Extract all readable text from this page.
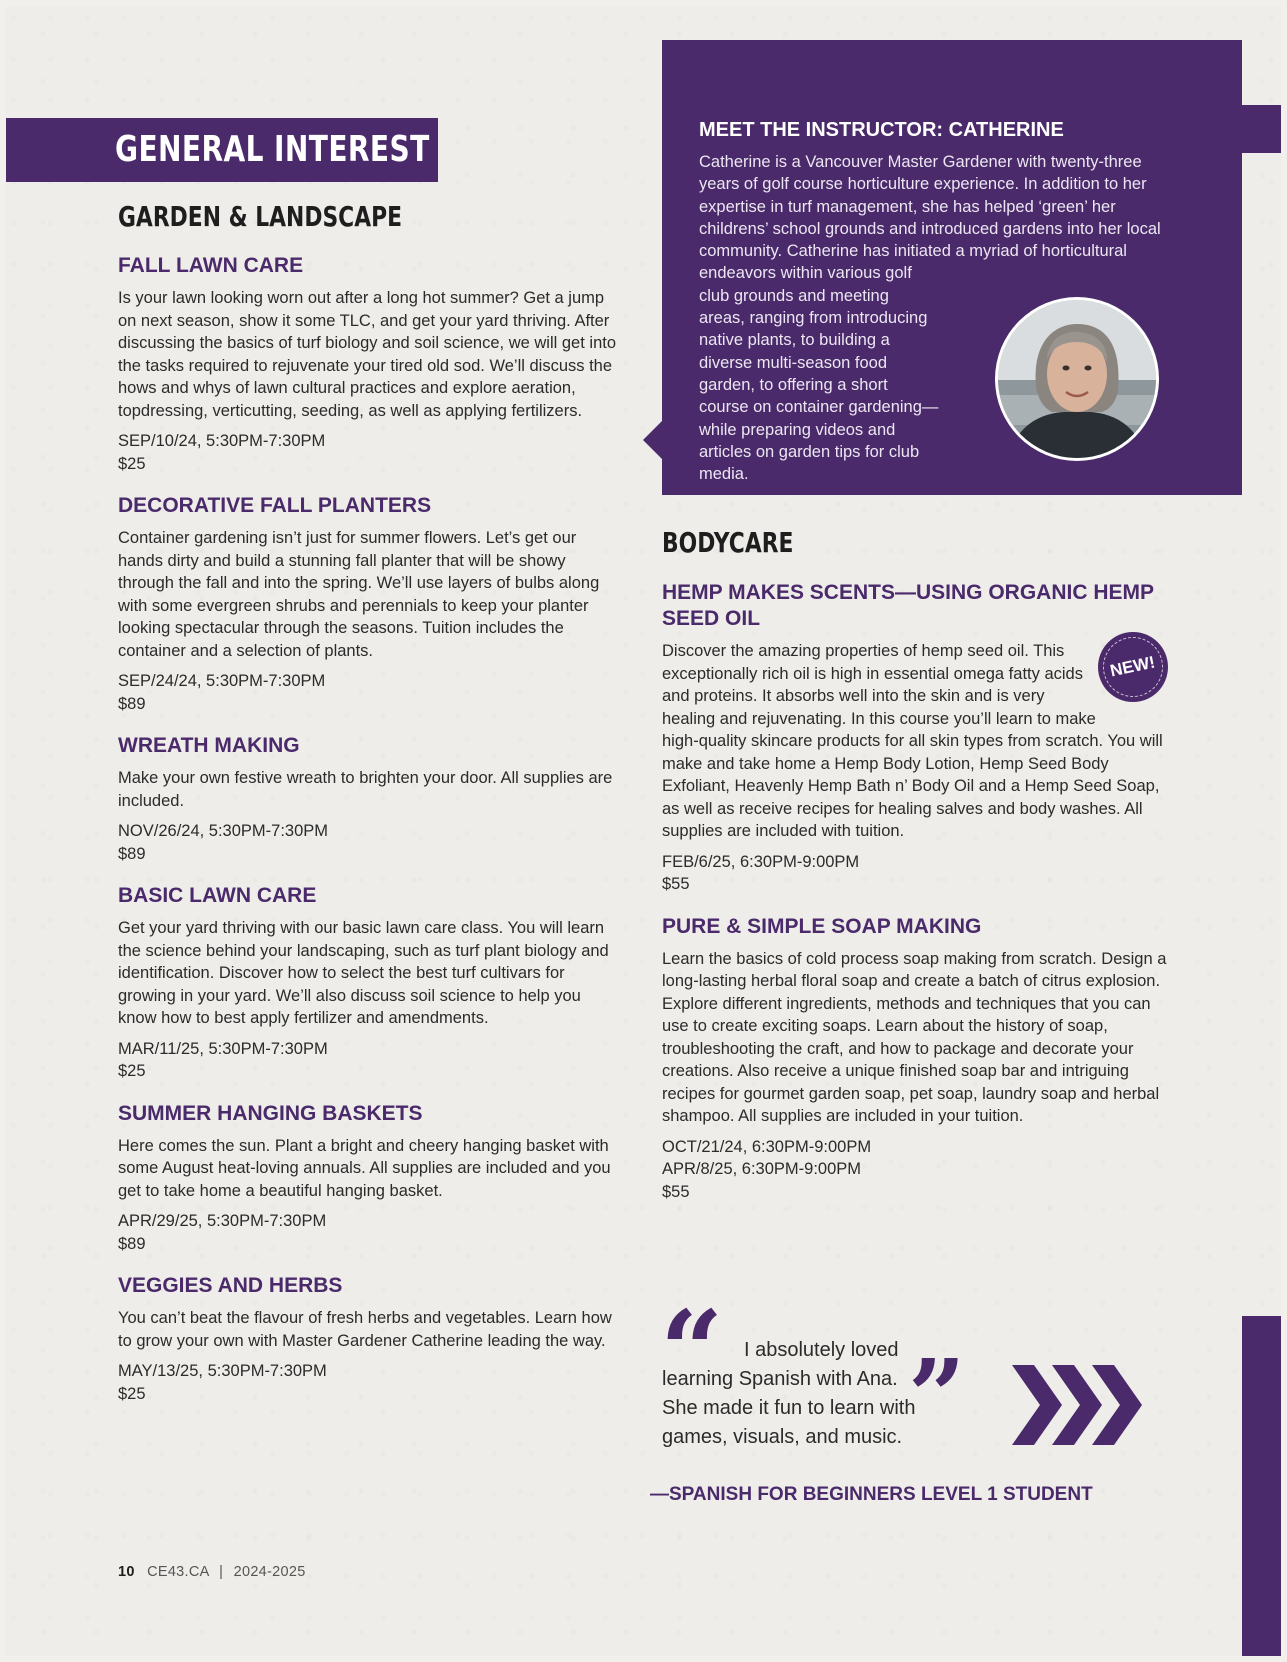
GENERAL INTEREST
GARDEN & LANDSCAPE
FALL LAWN CARE

Is your lawn looking worn out after a long hot summer? Get a jump on next season, show it some TLC, and get your yard thriving. After discussing the basics of turf biology and soil science, we will get into the tasks required to rejuvenate your tired old sod. We’ll discuss the hows and whys of lawn cultural practices and explore aeration, topdressing, verticutting, seeding, as well as applying fertilizers.

SEP/10/24, 5:30PM-7:30PM
$25
DECORATIVE FALL PLANTERS

Container gardening isn’t just for summer flowers. Let’s get our hands dirty and build a stunning fall planter that will be showy through the fall and into the spring. We’ll use layers of bulbs along with some evergreen shrubs and perennials to keep your planter looking spectacular through the seasons. Tuition includes the container and a selection of plants.

SEP/24/24, 5:30PM-7:30PM
$89
WREATH MAKING

Make your own festive wreath to brighten your door. All supplies are included.

NOV/26/24, 5:30PM-7:30PM
$89
BASIC LAWN CARE

Get your yard thriving with our basic lawn care class. You will learn the science behind your landscaping, such as turf plant biology and identification. Discover how to select the best turf cultivars for growing in your yard. We’ll also discuss soil science to help you know how to best apply fertilizer and amendments.

MAR/11/25, 5:30PM-7:30PM
$25
SUMMER HANGING BASKETS

Here comes the sun. Plant a bright and cheery hanging basket with some August heat-loving annuals. All supplies are included and you get to take home a beautiful hanging basket.

APR/29/25, 5:30PM-7:30PM
$89
VEGGIES AND HERBS

You can’t beat the flavour of fresh herbs and vegetables. Learn how to grow your own with Master Gardener Catherine leading the way.

MAY/13/25, 5:30PM-7:30PM
$25
MEET THE INSTRUCTOR: CATHERINE
Catherine is a Vancouver Master Gardener with twenty-three years of golf course horticulture experience. In addition to her expertise in turf management, she has helped ‘green’ her childrens’ school grounds and introduced gardens into her local community. Catherine has initiated a myriad of horticultural endeavors within various golf club grounds and meeting areas, ranging from introducing native plants, to building a diverse multi-season food garden, to offering a short course on container gardening—while preparing videos and articles on garden tips for club media.
BODYCARE
HEMP MAKES SCENTS—USING ORGANIC HEMP SEED OIL

Discover the amazing properties of hemp seed oil. This exceptionally rich oil is high in essential omega fatty acids and proteins. It absorbs well into the skin and is very healing and rejuvenating. In this course you’ll learn to make high-quality skincare products for all skin types from scratch. You will make and take home a Hemp Body Lotion, Hemp Seed Body Exfoliant, Heavenly Hemp Bath n’ Body Oil and a Hemp Seed Soap, as well as receive recipes for healing salves and body washes. All supplies are included with tuition.

FEB/6/25, 6:30PM-9:00PM
$55
PURE & SIMPLE SOAP MAKING

Learn the basics of cold process soap making from scratch. Design a long-lasting herbal floral soap and create a batch of citrus explosion. Explore different ingredients, methods and techniques that you can use to create exciting soaps. Learn about the history of soap, troubleshooting the craft, and how to package and decorate your creations. Also receive a unique finished soap bar and intriguing recipes for gourmet garden soap, pet soap, laundry soap and herbal shampoo. All supplies are included in your tuition.

OCT/21/24, 6:30PM-9:00PM
APR/8/25, 6:30PM-9:00PM
$55
NEW!
“	I absolutely loved
learning Spanish with Ana.
She made it fun to learn with
games, visuals, and music. ”

—SPANISH FOR BEGINNERS LEVEL 1 STUDENT

10 CE43.CA | 2024-2025
